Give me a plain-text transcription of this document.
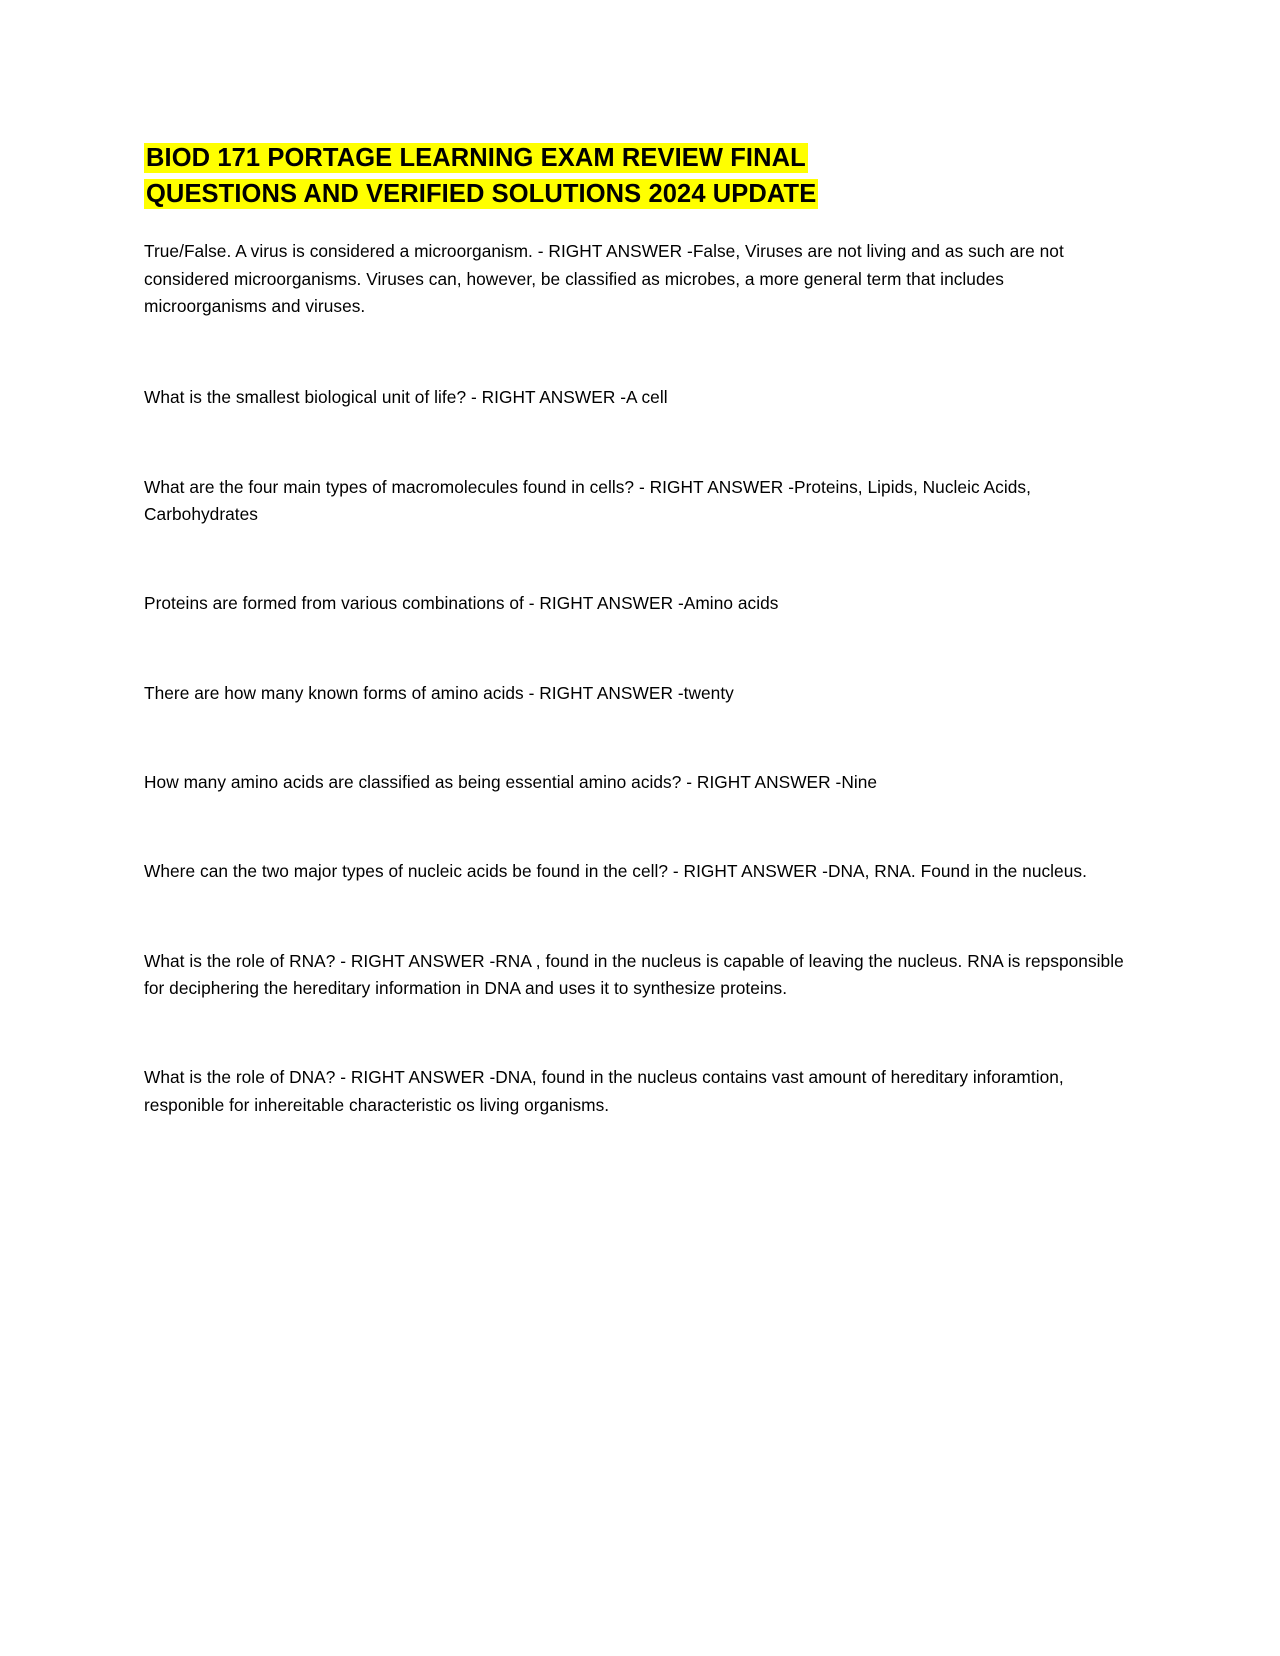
BIOD 171 PORTAGE LEARNING EXAM REVIEW FINAL
QUESTIONS AND VERIFIED SOLUTIONS 2024 UPDATE

True/False. A virus is considered a microorganism. - RIGHT ANSWER -False, Viruses are not living and as such are not considered microorganisms. Viruses can, however, be classified as microbes, a more general term that includes microorganisms and viruses.

What is the smallest biological unit of life? - RIGHT ANSWER -A cell

What are the four main types of macromolecules found in cells? - RIGHT ANSWER -Proteins, Lipids, Nucleic Acids, Carbohydrates

Proteins are formed from various combinations of - RIGHT ANSWER -Amino acids

There are how many known forms of amino acids - RIGHT ANSWER -twenty

How many amino acids are classified as being essential amino acids? - RIGHT ANSWER -Nine

Where can the two major types of nucleic acids be found in the cell? - RIGHT ANSWER -DNA, RNA. Found in the nucleus.

What is the role of RNA? - RIGHT ANSWER -RNA , found in the nucleus is capable of leaving the nucleus. RNA is repsponsible for deciphering the hereditary information in DNA and uses it to synthesize proteins.

What is the role of DNA? - RIGHT ANSWER -DNA, found in the nucleus contains vast amount of hereditary inforamtion, responible for inhereitable characteristic os living organisms.
